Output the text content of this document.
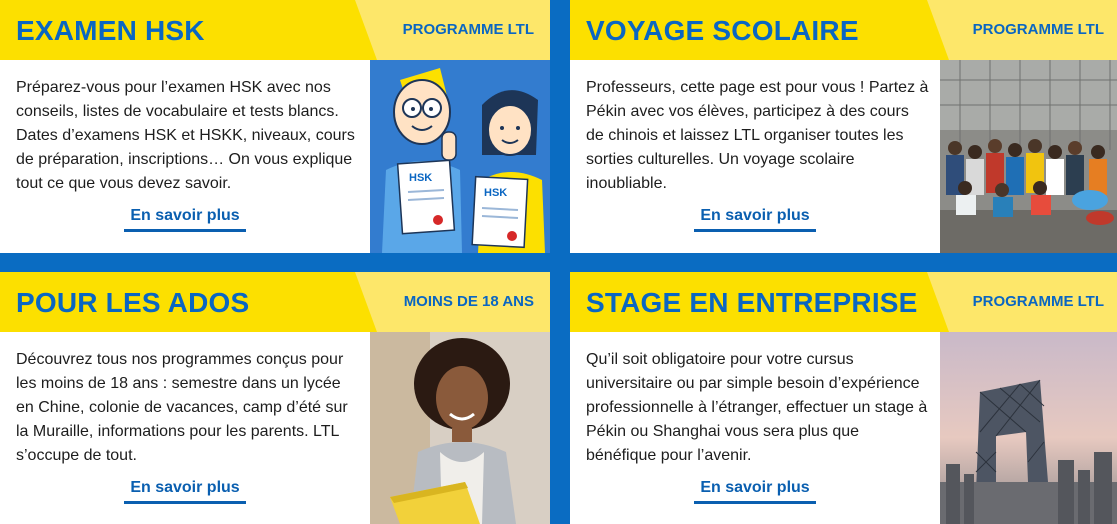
EXAMEN HSK	PROGRAMME LTL

Préparez-vous pour l’examen HSK avec nos conseils, listes de vocabulaire et tests blancs. Dates d’examens HSK et HSKK, niveaux, cours de préparation, inscriptions… On vous explique tout ce que vous devez savoir.

En savoir plus
HSK
HSK
VOYAGE SCOLAIRE	PROGRAMME LTL

Professeurs, cette page est pour vous ! Partez à Pékin avec vos élèves, participez à des cours de chinois et laissez LTL organiser toutes les sorties culturelles. Un voyage scolaire inoubliable.

En savoir plus
POUR LES ADOS	MOINS DE 18 ANS

Découvrez tous nos programmes conçus pour les moins de 18 ans : semestre dans un lycée en Chine, colonie de vacances, camp d’été sur la Muraille, informations pour les parents. LTL s’occupe de tout.

En savoir plus
STAGE EN ENTREPRISE	PROGRAMME LTL

Qu’il soit obligatoire pour votre cursus universitaire ou par simple besoin d’expérience professionnelle à l’étranger, effectuer un stage à Pékin ou Shanghai vous sera plus que bénéfique pour l’avenir.

En savoir plus
